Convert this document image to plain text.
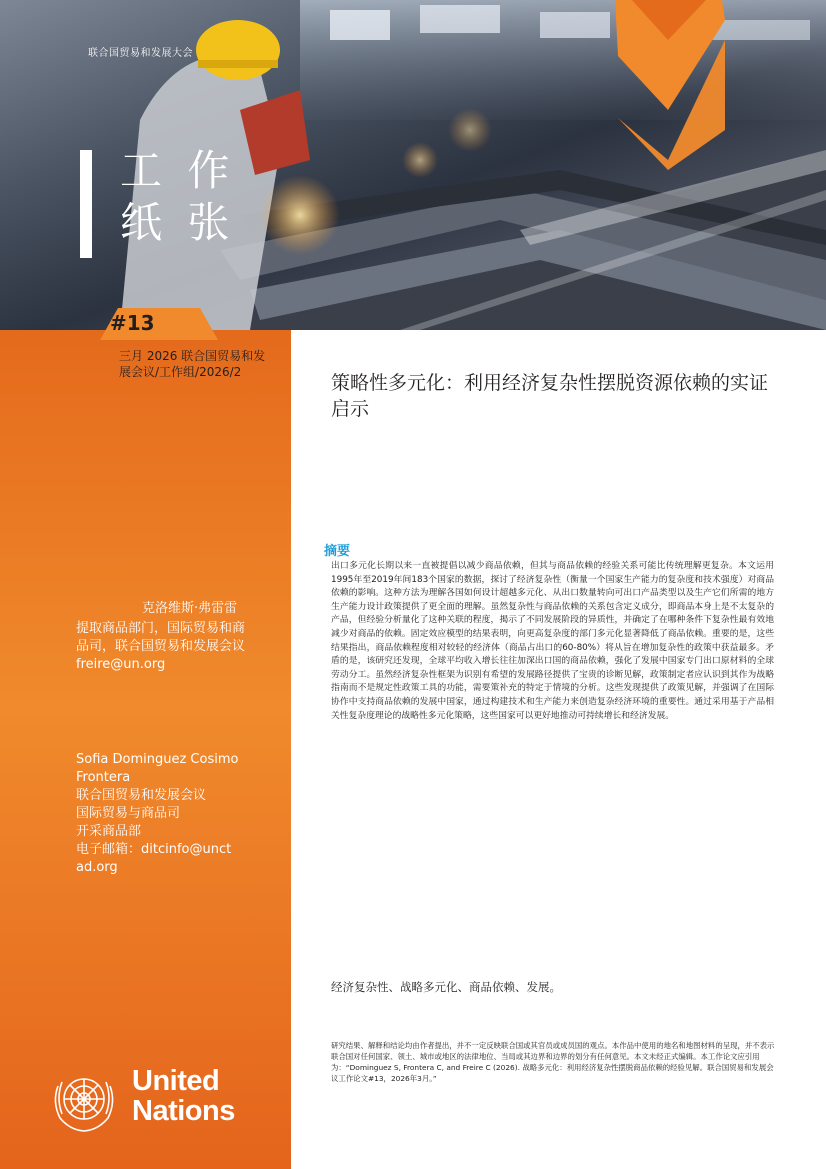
联合国贸易和发展大会
工 作
纸 张
#13
三月 2026 联合国贸易和发展会议/工作组/2026/2
克洛维斯·弗雷雷
提取商品部门，国际贸易和商品司，联合国贸易和发展会议 freire@un.org
Sofia Dominguez Cosimo
Frontera
联合国贸易和发展会议
国际贸易与商品司
开采商品部
电子邮箱：ditcinfo@unct
ad.org
United
Nations
策略性多元化：利用经济复杂性摆脱资源依赖的实证启示
摘要
出口多元化长期以来一直被提倡以减少商品依赖，但其与商品依赖的经验关系可能比传统理解更复杂。本文运用1995年至2019年间183个国家的数据，探讨了经济复杂性（衡量一个国家生产能力的复杂度和技术强度）对商品依赖的影响。这种方法为理解各国如何设计超越多元化、从出口数量转向可出口产品类型以及生产它们所需的地方生产能力设计政策提供了更全面的理解。虽然复杂性与商品依赖的关系包含定义成分，即商品本身上是不太复杂的产品，但经验分析量化了这种关联的程度，揭示了不同发展阶段的异质性，并确定了在哪种条件下复杂性最有效地减少对商品的依赖。固定效应模型的结果表明，向更高复杂度的部门多元化显著降低了商品依赖。重要的是，这些结果指出，商品依赖程度相对较轻的经济体（商品占出口的60-80%）将从旨在增加复杂性的政策中获益最多。矛盾的是，该研究还发现，全球平均收入增长往往加深出口国的商品依赖，强化了发展中国家专门出口原材料的全球劳动分工。虽然经济复杂性框架为识别有希望的发展路径提供了宝贵的诊断见解，政策制定者应认识到其作为战略指南而不是规定性政策工具的功能，需要策补充的特定于情境的分析。这些发现提供了政策见解，并强调了在国际协作中支持商品依赖的发展中国家，通过构建技术和生产能力来创造复杂经济环境的重要性。通过采用基于产品相关性复杂度理论的战略性多元化策略，这些国家可以更好地推动可持续增长和经济发展。
经济复杂性、战略多元化、商品依赖、发展。
研究结果、解释和结论均由作者提出，并不一定反映联合国或其官员或成员国的观点。本作品中使用的地名和地图材料的呈现，并不表示联合国对任何国家、领土、城市或地区的法律地位、当局或其边界和边界的划分有任何意见。本文未经正式编辑。本工作论文应引用为：“Dominguez S, Frontera C, and Freire C (2026). 战略多元化：利用经济复杂性摆脱商品依赖的经验见解。联合国贸易和发展会议工作论文#13，2026年3月。”
